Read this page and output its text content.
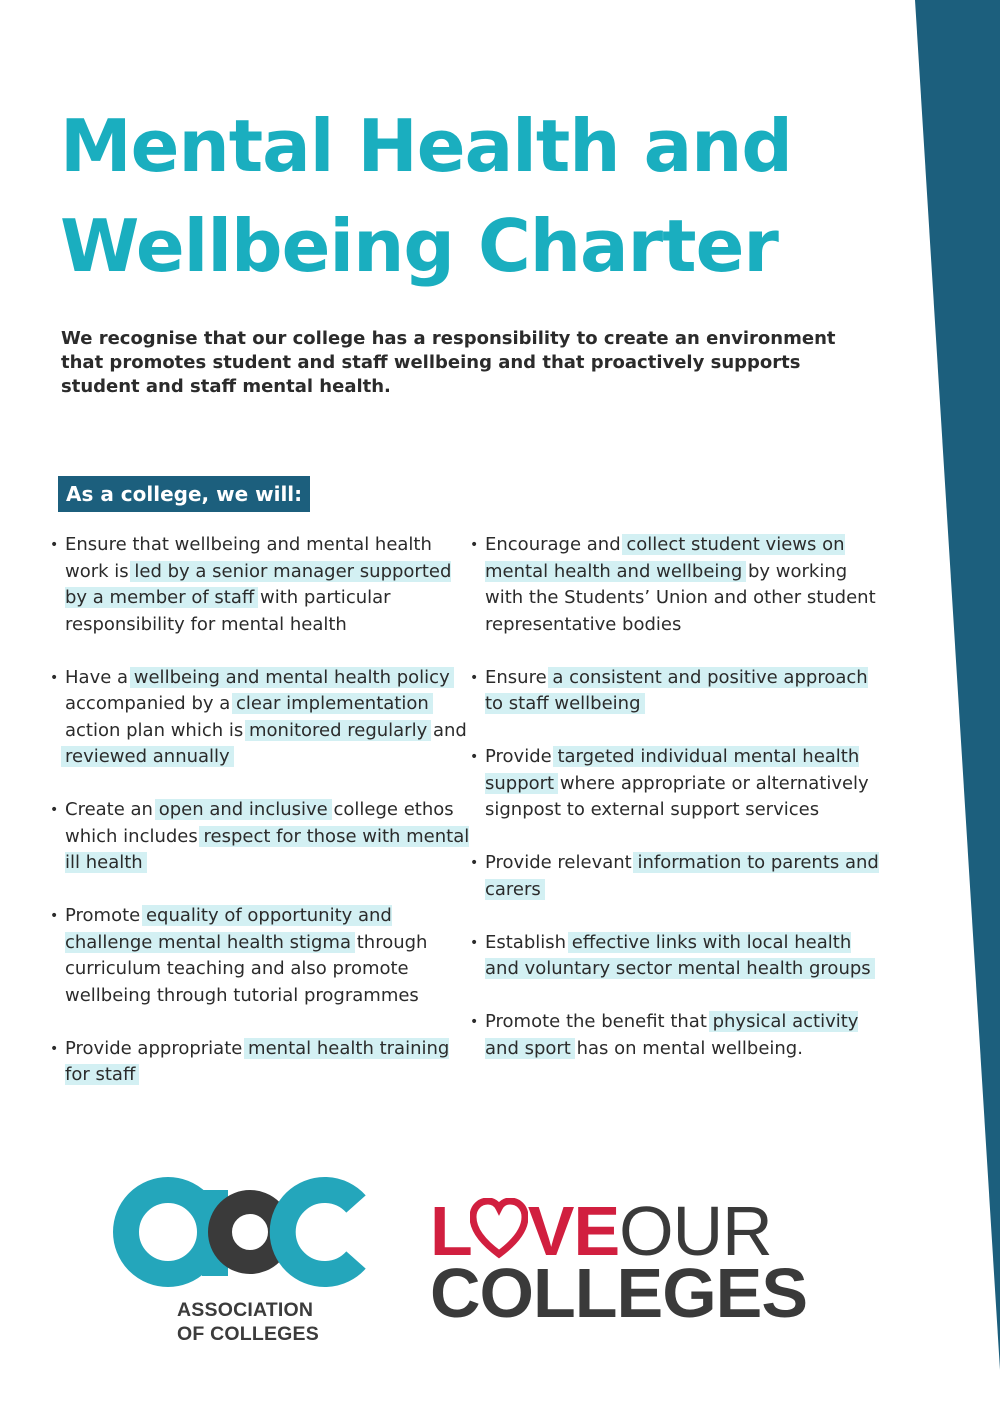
Mental Health and
Wellbeing Charter

We recognise that our college has a responsibility to create an environment that promotes student and staff wellbeing and that proactively supports student and staff mental health.

As a college, we will:
• Ensure that wellbeing and mental health work is led by a senior manager supported by a member of staff with particular responsibility for mental health
• Have a wellbeing and mental health policy accompanied by a clear implementation action plan which is monitored regularly and reviewed annually
• Create an open and inclusive college ethos which includes respect for those with mental ill health
• Promote equality of opportunity and challenge mental health stigma through curriculum teaching and also promote wellbeing through tutorial programmes
• Provide appropriate mental health training for staff
• Encourage and collect student views on mental health and wellbeing by working with the Students’ Union and other student representative bodies
• Ensure a consistent and positive approach to staff wellbeing
• Provide targeted individual mental health support where appropriate or alternatively signpost to external support services
• Provide relevant information to parents and carers
• Establish effective links with local health and voluntary sector mental health groups
• Promote the benefit that physical activity and sport has on mental wellbeing.
ASSOCIATION
OF COLLEGES
L VEOUR
COLLEGES
